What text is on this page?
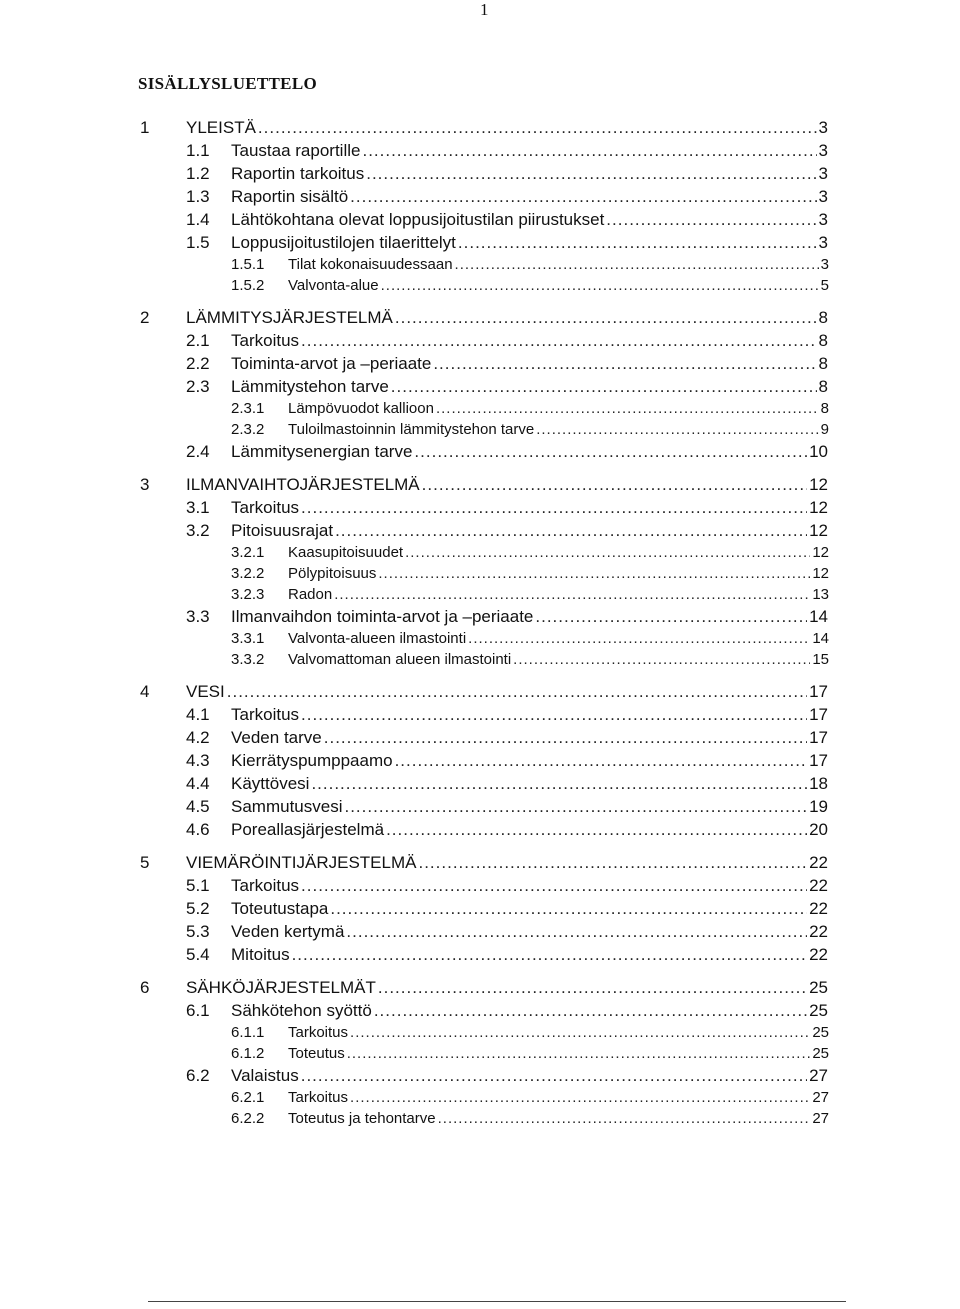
1
SISÄLLYSLUETTELO
1 YLEISTÄ .....	3
1.1 Taustaa raportille .....	3
1.2 Raportin tarkoitus .....	3
1.3 Raportin sisältö .....	3
1.4 Lähtökohtana olevat loppusijoitustilan piirustukset .....	3
1.5 Loppusijoitustilojen tilaerittelyt .....	3
1.5.1 Tilat kokonaisuudessaan .....	3
1.5.2 Valvonta-alue .....	5
2 LÄMMITYSJÄRJESTELMÄ .....	8
2.1 Tarkoitus .....	8
2.2 Toiminta-arvot ja –periaate .....	8
2.3 Lämmitystehon tarve .....	8
2.3.1 Lämpövuodot kallioon .....	8
2.3.2 Tuloilmastoinnin lämmitystehon tarve .....	9
2.4 Lämmitysenergian tarve .....	10
3 ILMANVAIHTOJÄRJESTELMÄ .....	12
3.1 Tarkoitus .....	12
3.2 Pitoisuusrajat .....	12
3.2.1 Kaasupitoisuudet .....	12
3.2.2 Pölypitoisuus .....	12
3.2.3 Radon .....	13
3.3 Ilmanvaihdon toiminta-arvot ja –periaate .....	14
3.3.1 Valvonta-alueen ilmastointi .....	14
3.3.2 Valvomattoman alueen ilmastointi .....	15
4 VESI .....	17
4.1 Tarkoitus .....	17
4.2 Veden tarve .....	17
4.3 Kierrätyspumppaamo .....	17
4.4 Käyttövesi .....	18
4.5 Sammutusvesi .....	19
4.6 Poreallasjärjestelmä .....	20
5 VIEMÄRÖINTIJÄRJESTELMÄ .....	22
5.1 Tarkoitus .....	22
5.2 Toteutustapa .....	22
5.3 Veden kertymä .....	22
5.4 Mitoitus .....	22
6 SÄHKÖJÄRJESTELMÄT .....	25
6.1 Sähkötehon syöttö .....	25
6.1.1 Tarkoitus .....	25
6.1.2 Toteutus .....	25
6.2 Valaistus .....	27
6.2.1 Tarkoitus .....	27
6.2.2 Toteutus ja tehontarve .....	27
